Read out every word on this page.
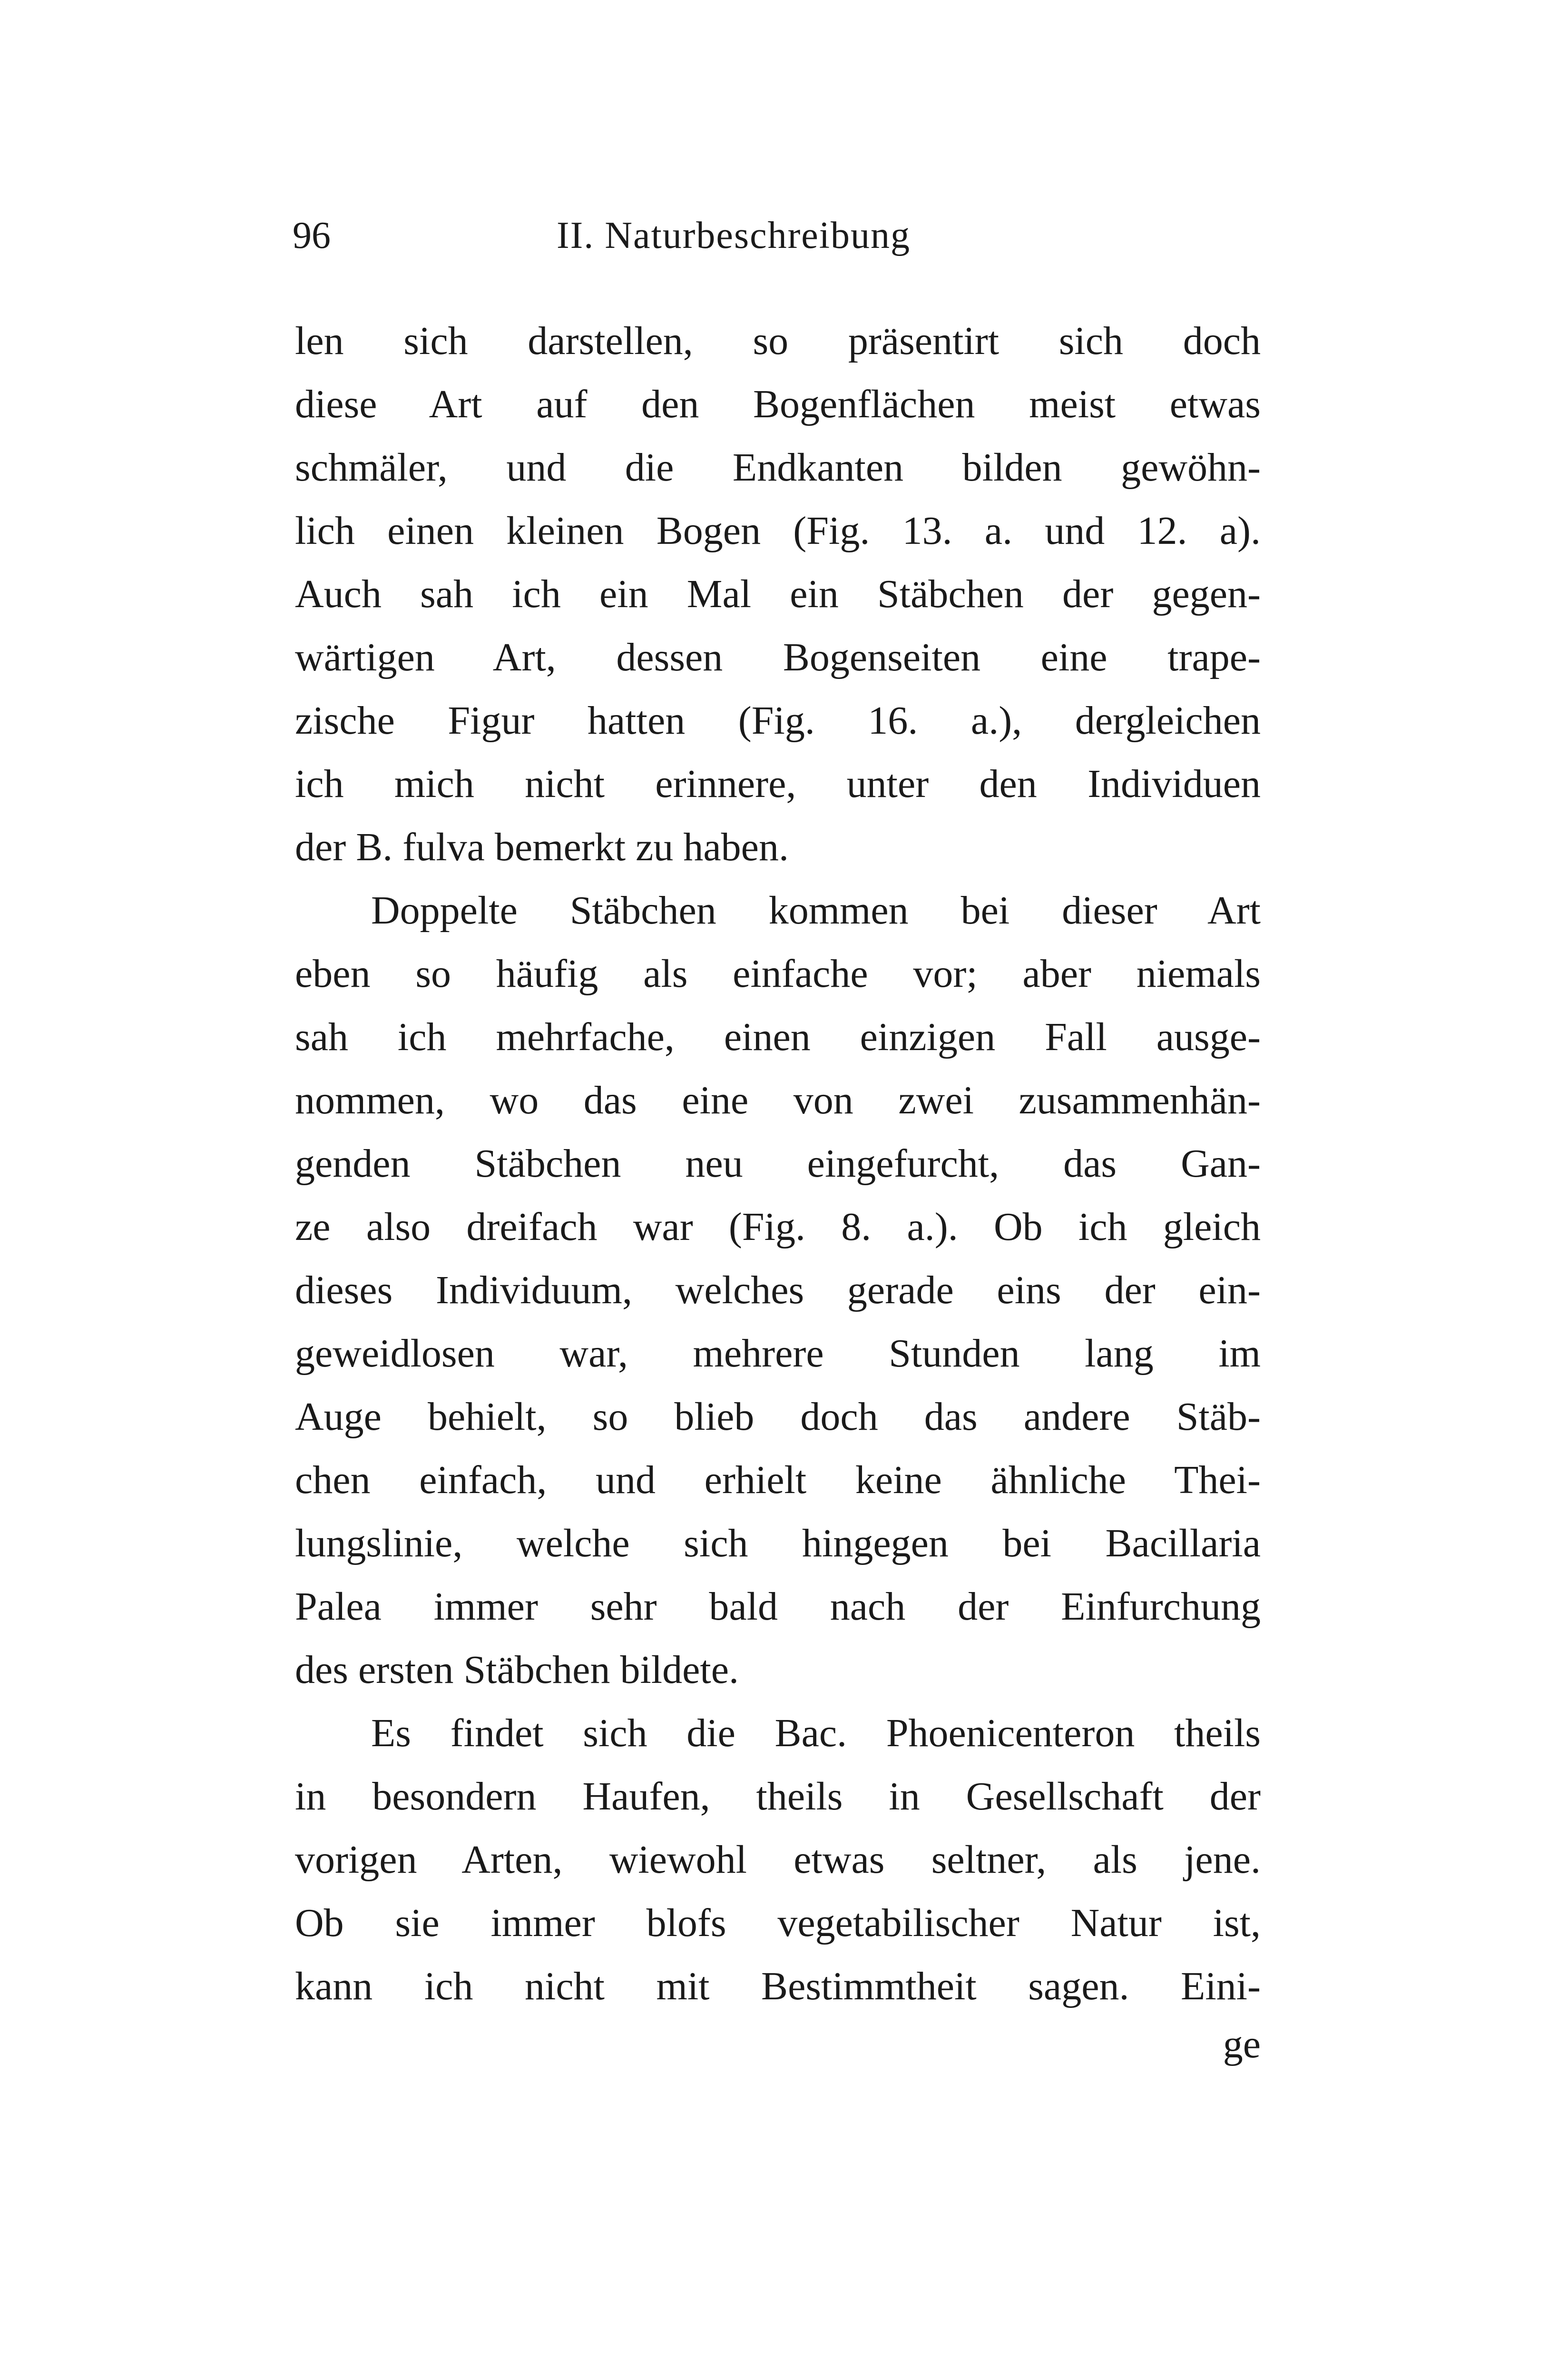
96	II. Naturbeschreibung
len sich darstellen, so präsentirt sich doch
diese Art auf den Bogenflächen meist etwas
schmäler, und die Endkanten bilden gewöhn-
lich einen kleinen Bogen (Fig. 13. a. und 12. a).
Auch sah ich ein Mal ein Stäbchen der gegen-
wärtigen Art, dessen Bogenseiten eine trape-
zische Figur hatten (Fig. 16. a.), dergleichen
ich mich nicht erinnere, unter den Individuen
der B. fulva bemerkt zu haben.
Doppelte Stäbchen kommen bei dieser Art
eben so häufig als einfache vor; aber niemals
sah ich mehrfache, einen einzigen Fall ausge-
nommen, wo das eine von zwei zusammenhän-
genden Stäbchen neu eingefurcht, das Gan-
ze also dreifach war (Fig. 8. a.). Ob ich gleich
dieses Individuum, welches gerade eins der ein-
geweidlosen war, mehrere Stunden lang im
Auge behielt, so blieb doch das andere Stäb-
chen einfach, und erhielt keine ähnliche Thei-
lungslinie, welche sich hingegen bei Bacillaria
Palea immer sehr bald nach der Einfurchung
des ersten Stäbchen bildete.
Es findet sich die Bac. Phoenicenteron theils
in besondern Haufen, theils in Gesellschaft der
vorigen Arten, wiewohl etwas seltner, als jene.
Ob sie immer blofs vegetabilischer Natur ist,
kann ich nicht mit Bestimmtheit sagen. Eini-
ge
